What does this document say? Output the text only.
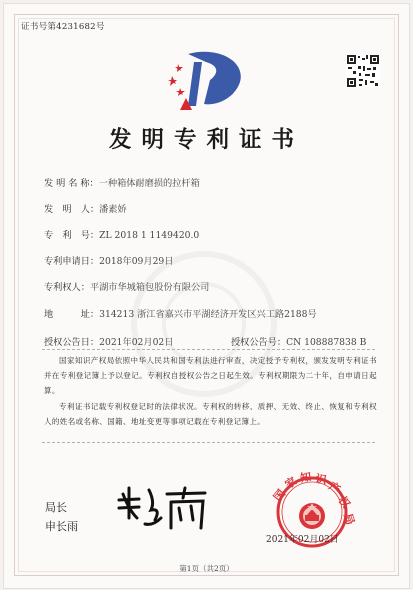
证书号第4231682号
发明专利证书
发 明 名 称：一种箱体耐磨损的拉杆箱
发　明　人：潘素娇
专　利　号：ZL 2018 1 1149420.0
专利申请日：2018年09月29日
专利权人：平湖市华城箱包股份有限公司
地　　　址：314213 浙江省嘉兴市平湖经济开发区兴工路2188号
授权公告日：2021年02月02日	授权公告号：CN 108887838 B
国家知识产权局依照中华人民共和国专利法进行审查，决定授予专利权，颁发发明专利证书并在专利登记簿上予以登记。专利权自授权公告之日起生效。专利权期限为二十年，自申请日起算。
专利证书记载专利权登记时的法律状况。专利权的转移、质押、无效、终止、恢复和专利权人的姓名或名称、国籍、地址变更等事项记载在专利登记簿上。
局长
申长雨
国
家 知 识
产
权
局
2021年02月02日
第1页（共2页）
